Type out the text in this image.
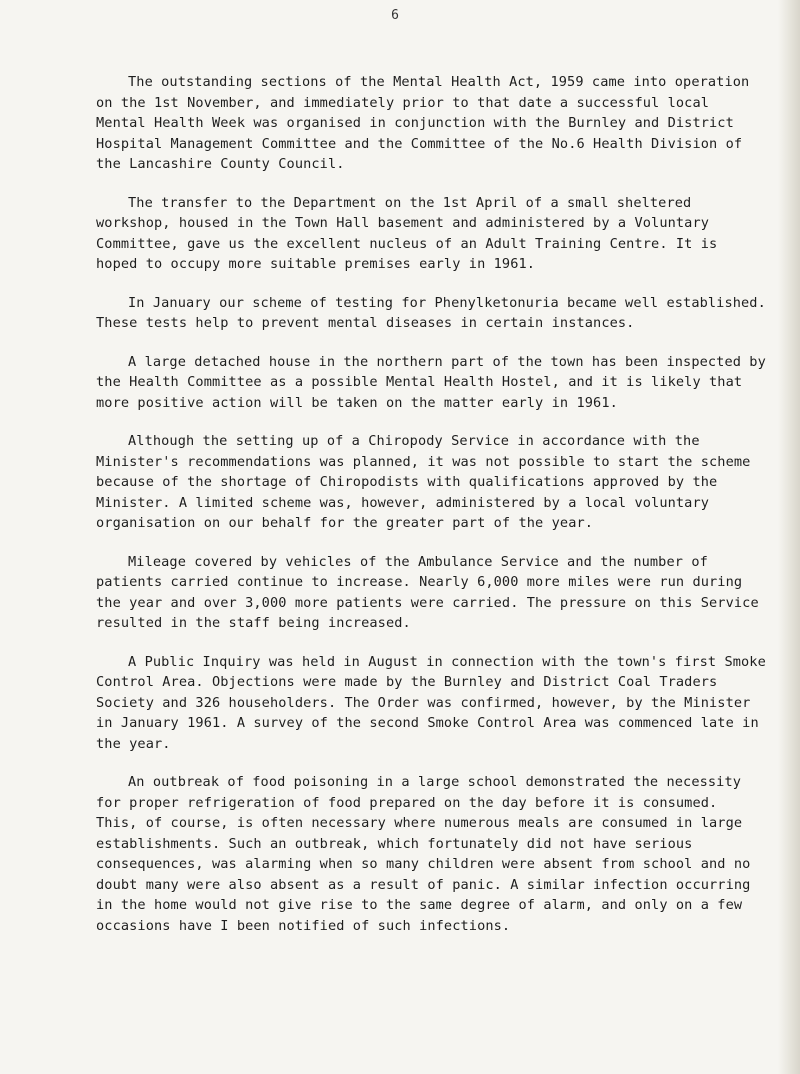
6

The outstanding sections of the Mental Health Act, 1959 came into operation on the 1st November, and immediately prior to that date a successful local Mental Health Week was organised in conjunction with the Burnley and District Hospital Management Committee and the Committee of the No.6 Health Division of the Lancashire County Council.

The transfer to the Department on the 1st April of a small sheltered workshop, housed in the Town Hall basement and administered by a Voluntary Committee, gave us the excellent nucleus of an Adult Training Centre. It is hoped to occupy more suitable premises early in 1961.

In January our scheme of testing for Phenylketonuria became well established. These tests help to prevent mental diseases in certain instances.

A large detached house in the northern part of the town has been inspected by the Health Committee as a possible Mental Health Hostel, and it is likely that more positive action will be taken on the matter early in 1961.

Although the setting up of a Chiropody Service in accordance with the Minister's recommendations was planned, it was not possible to start the scheme because of the shortage of Chiropodists with qualifications approved by the Minister. A limited scheme was, however, administered by a local voluntary organisation on our behalf for the greater part of the year.

Mileage covered by vehicles of the Ambulance Service and the number of patients carried continue to increase. Nearly 6,000 more miles were run during the year and over 3,000 more patients were carried. The pressure on this Service resulted in the staff being increased.

A Public Inquiry was held in August in connection with the town's first Smoke Control Area. Objections were made by the Burnley and District Coal Traders Society and 326 householders. The Order was confirmed, however, by the Minister in January 1961. A survey of the second Smoke Control Area was commenced late in the year.

An outbreak of food poisoning in a large school demonstrated the necessity for proper refrigeration of food prepared on the day before it is consumed. This, of course, is often necessary where numerous meals are consumed in large establishments. Such an outbreak, which fortunately did not have serious consequences, was alarming when so many children were absent from school and no doubt many were also absent as a result of panic. A similar infection occurring in the home would not give rise to the same degree of alarm, and only on a few occasions have I been notified of such infections.
